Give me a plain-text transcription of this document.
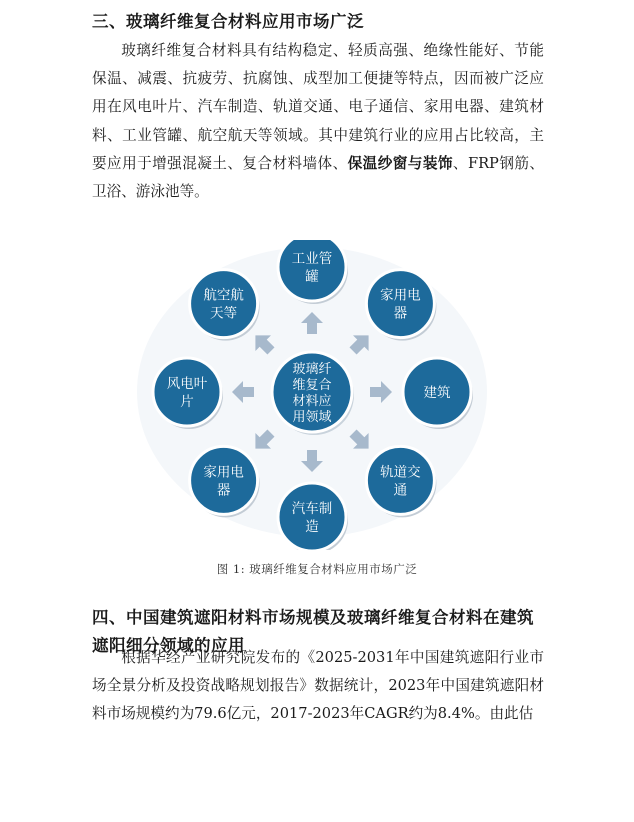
三、玻璃纤维复合材料应用市场广泛

玻璃纤维复合材料具有结构稳定、轻质高强、绝缘性能好、节能保温、减震、抗疲劳、抗腐蚀、成型加工便捷等特点，因而被广泛应用在风电叶片、汽车制造、轨道交通、电子通信、家用电器、建筑材料、工业管罐、航空航天等领域。其中建筑行业的应用占比较高，主要应用于增强混凝土、复合材料墙体、保温纱窗与装饰、FRP钢筋、卫浴、游泳池等。

玻璃纤
维复合
材料应
用领域
工业管
罐
家用电
器
建筑
轨道交
通
汽车制
造
家用电
器
风电叶
片
航空航
天等
图 1: 玻璃纤维复合材料应用市场广泛
四、中国建筑遮阳材料市场规模及玻璃纤维复合材料在建筑遮阳细分领域的应用

根据华经产业研究院发布的《2025-2031年中国建筑遮阳行业市场全景分析及投资战略规划报告》数据统计，2023年中国建筑遮阳材料市场规模约为79.6亿元，2017-2023年CAGR约为8.4%。由此估
